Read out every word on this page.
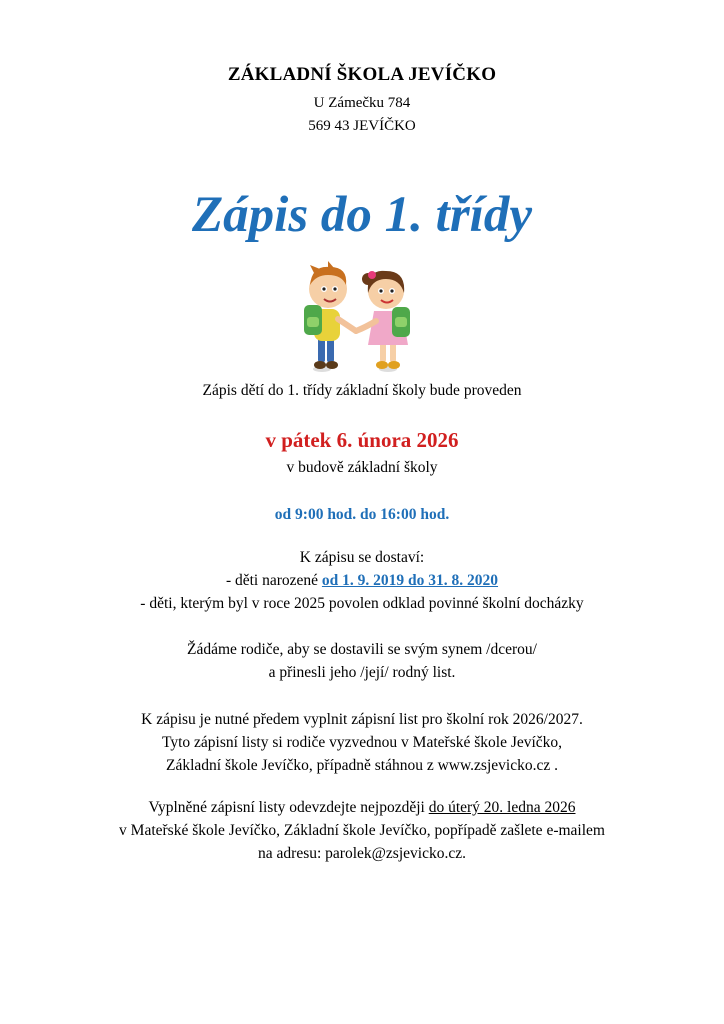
ZÁKLADNÍ ŠKOLA JEVÍČKO
U Zámečku 784
569 43 JEVÍČKO
Zápis do 1. třídy
Zápis dětí do 1. třídy základní školy bude proveden
v pátek 6. února 2026
v budově základní školy
od 9:00 hod. do 16:00 hod.
K zápisu se dostaví:
- děti narozené od 1. 9. 2019 do 31. 8. 2020
- děti, kterým byl v roce 2025 povolen odklad povinné školní docházky
Žádáme rodiče, aby se dostavili se svým synem /dcerou/
a přinesli jeho /její/ rodný list.
K zápisu je nutné předem vyplnit zápisní list pro školní rok 2026/2027.
Tyto zápisní listy si rodiče vyzvednou v Mateřské škole Jevíčko,
Základní škole Jevíčko, případně stáhnou z www.zsjevicko.cz .
Vyplněné zápisní listy odevzdejte nejpozději do úterý 20. ledna 2026
v Mateřské škole Jevíčko, Základní škole Jevíčko, popřípadě zašlete e-mailem
na adresu: parolek@zsjevicko.cz.
